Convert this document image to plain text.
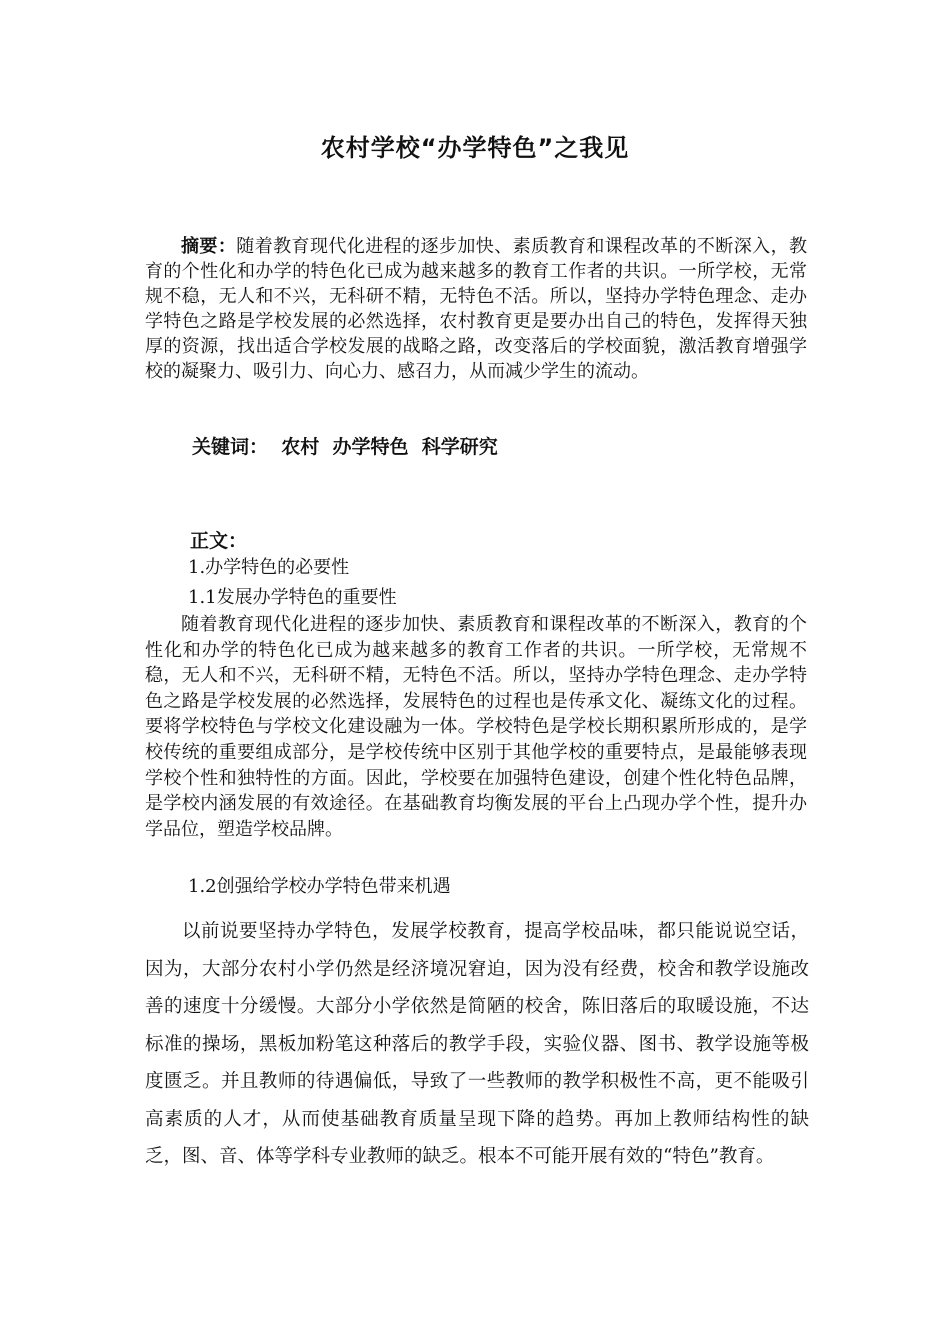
农村学校“办学特色”之我见
摘要：随着教育现代化进程的逐步加快、素质教育和课程改革的不断深入，教育的个性化和办学的特色化已成为越来越多的教育工作者的共识。一所学校，无常规不稳，无人和不兴，无科研不精，无特色不活。所以，坚持办学特色理念、走办学特色之路是学校发展的必然选择，农村教育更是要办出自己的特色，发挥得天独厚的资源，找出适合学校发展的战略之路，改变落后的学校面貌，激活教育增强学校的凝聚力、吸引力、向心力、感召力，从而减少学生的流动。
关键词： 农村 办学特色 科学研究
正文：
1.办学特色的必要性
1.1发展办学特色的重要性
随着教育现代化进程的逐步加快、素质教育和课程改革的不断深入，教育的个性化和办学的特色化已成为越来越多的教育工作者的共识。一所学校，无常规不稳，无人和不兴，无科研不精，无特色不活。所以，坚持办学特色理念、走办学特色之路是学校发展的必然选择，发展特色的过程也是传承文化、凝练文化的过程。要将学校特色与学校文化建设融为一体。学校特色是学校长期积累所形成的，是学校传统的重要组成部分，是学校传统中区别于其他学校的重要特点，是最能够表现学校个性和独特性的方面。因此，学校要在加强特色建设，创建个性化特色品牌，是学校内涵发展的有效途径。在基础教育均衡发展的平台上凸现办学个性，提升办学品位，塑造学校品牌。
1.2创强给学校办学特色带来机遇
以前说要坚持办学特色，发展学校教育，提高学校品味，都只能说说空话，因为，大部分农村小学仍然是经济境况窘迫，因为没有经费，校舍和教学设施改善的速度十分缓慢。大部分小学依然是简陋的校舍，陈旧落后的取暖设施，不达标准的操场，黑板加粉笔这种落后的教学手段，实验仪器、图书、教学设施等极度匮乏。并且教师的待遇偏低，导致了一些教师的教学积极性不高，更不能吸引高素质的人才，从而使基础教育质量呈现下降的趋势。再加上教师结构性的缺乏，图、音、体等学科专业教师的缺乏。根本不可能开展有效的“特色”教育。
